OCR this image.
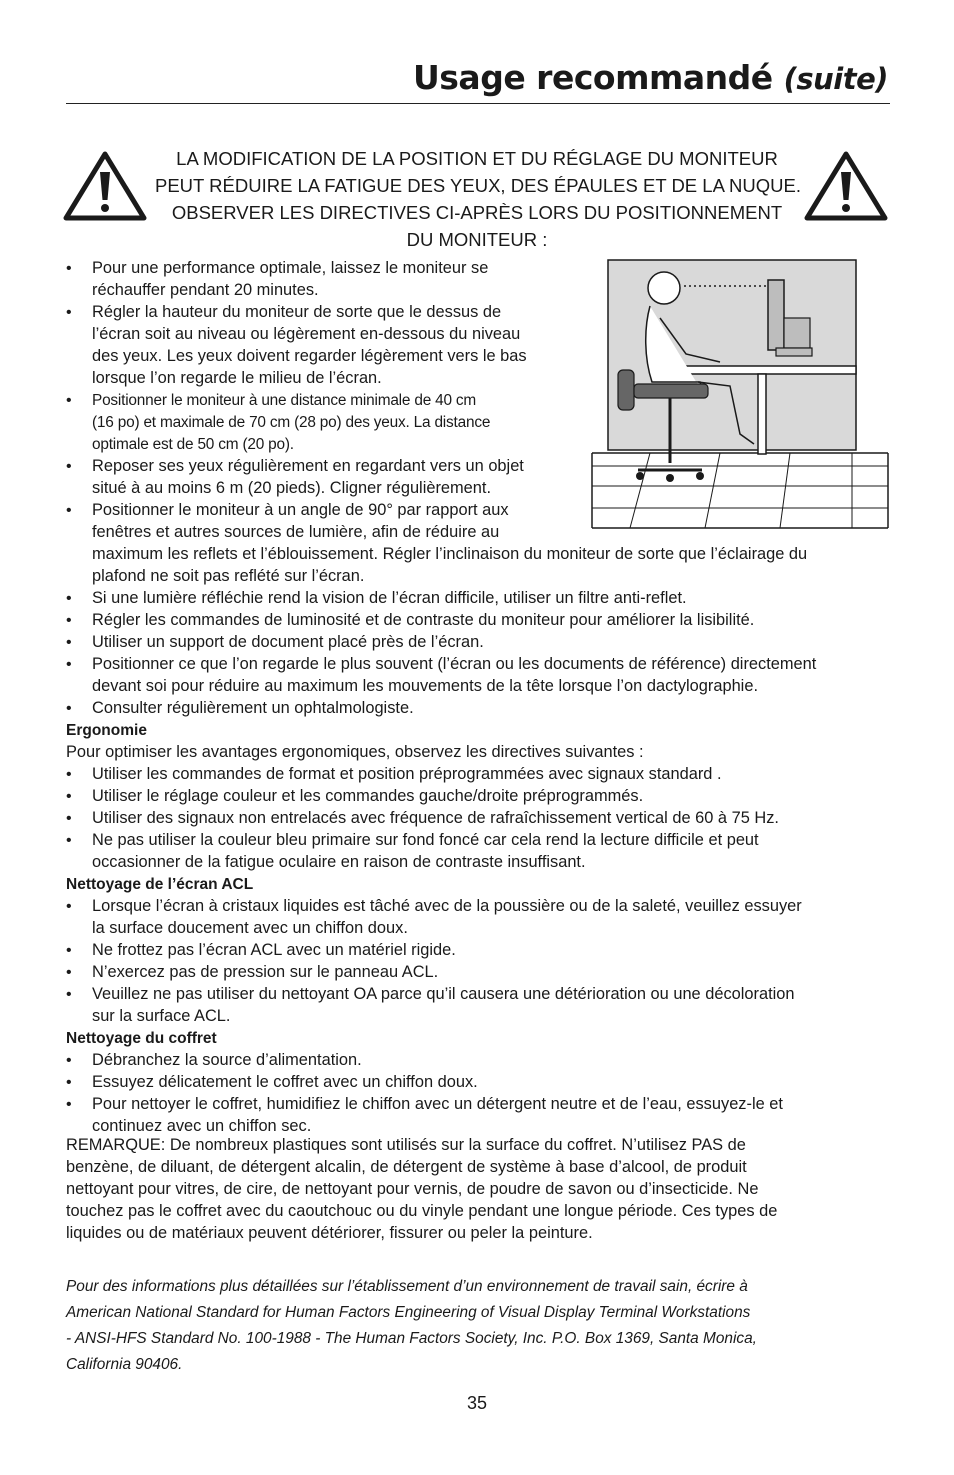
Usage recommandé (suite)
LA MODIFICATION DE LA POSITION ET DU RÉGLAGE DU MONITEUR
PEUT RÉDUIRE LA FATIGUE DES YEUX, DES ÉPAULES ET DE LA NUQUE.
OBSERVER LES DIRECTIVES CI-APRÈS LORS DU POSITIONNEMENT
DU MONITEUR :
• Pour une performance optimale, laissez le moniteur se
réchauffer pendant 20 minutes.
• Régler la hauteur du moniteur de sorte que le dessus de
l’écran soit au niveau ou légèrement en-dessous du niveau
des yeux. Les yeux doivent regarder légèrement vers le bas
lorsque l’on regarde le milieu de l’écran.
• Positionner le moniteur à une distance minimale de 40 cm
(16 po) et maximale de 70 cm (28 po) des yeux. La distance
optimale est de 50 cm (20 po).
• Reposer ses yeux régulièrement en regardant vers un objet
situé à au moins 6 m (20 pieds). Cligner régulièrement.
• Positionner le moniteur à un angle de 90° par rapport aux
fenêtres et autres sources de lumière, afin de réduire au
maximum les reflets et l’éblouissement. Régler l’inclinaison du moniteur de sorte que l’éclairage du
plafond ne soit pas reflété sur l’écran.
• Si une lumière réfléchie rend la vision de l’écran difficile, utiliser un filtre anti-reflet.
• Régler les commandes de luminosité et de contraste du moniteur pour améliorer la lisibilité.
• Utiliser un support de document placé près de l’écran.
• Positionner ce que l’on regarde le plus souvent (l’écran ou les documents de référence) directement
devant soi pour réduire au maximum les mouvements de la tête lorsque l’on dactylographie.
• Consulter régulièrement un ophtalmologiste.
Ergonomie
Pour optimiser les avantages ergonomiques, observez les directives suivantes :
• Utiliser les commandes de format et position préprogrammées avec signaux standard .
• Utiliser le réglage couleur et les commandes gauche/droite préprogrammés.
• Utiliser des signaux non entrelacés avec fréquence de rafraîchissement vertical de 60 à 75 Hz.
• Ne pas utiliser la couleur bleu primaire sur fond foncé car cela rend la lecture difficile et peut
occasionner de la fatigue oculaire en raison de contraste insuffisant.
Nettoyage de l’écran ACL
• Lorsque l’écran à cristaux liquides est tâché avec de la poussière ou de la saleté, veuillez essuyer
la surface doucement avec un chiffon doux.
• Ne frottez pas l’écran ACL avec un matériel rigide.
• N’exercez pas de pression sur le panneau ACL.
• Veuillez ne pas utiliser du nettoyant OA parce qu’il causera une détérioration ou une décoloration
sur la surface ACL.
Nettoyage du coffret
• Débranchez la source d’alimentation.
• Essuyez délicatement le coffret avec un chiffon doux.
• Pour nettoyer le coffret, humidifiez le chiffon avec un détergent neutre et de l’eau, essuyez-le et
continuez avec un chiffon sec.
REMARQUE: De nombreux plastiques sont utilisés sur la surface du coffret. N’utilisez PAS de
benzène, de diluant, de détergent alcalin, de détergent de système à base d’alcool, de produit
nettoyant pour vitres, de cire, de nettoyant pour vernis, de poudre de savon ou d’insecticide. Ne
touchez pas le coffret avec du caoutchouc ou du vinyle pendant une longue période. Ces types de
liquides ou de matériaux peuvent détériorer, fissurer ou peler la peinture.
Pour des informations plus détaillées sur l’établissement d’un environnement de travail sain, écrire à
American National Standard for Human Factors Engineering of Visual Display Terminal Workstations
- ANSI-HFS Standard No. 100-1988 - The Human Factors Society, Inc. P.O. Box 1369, Santa Monica,
California 90406.
35
